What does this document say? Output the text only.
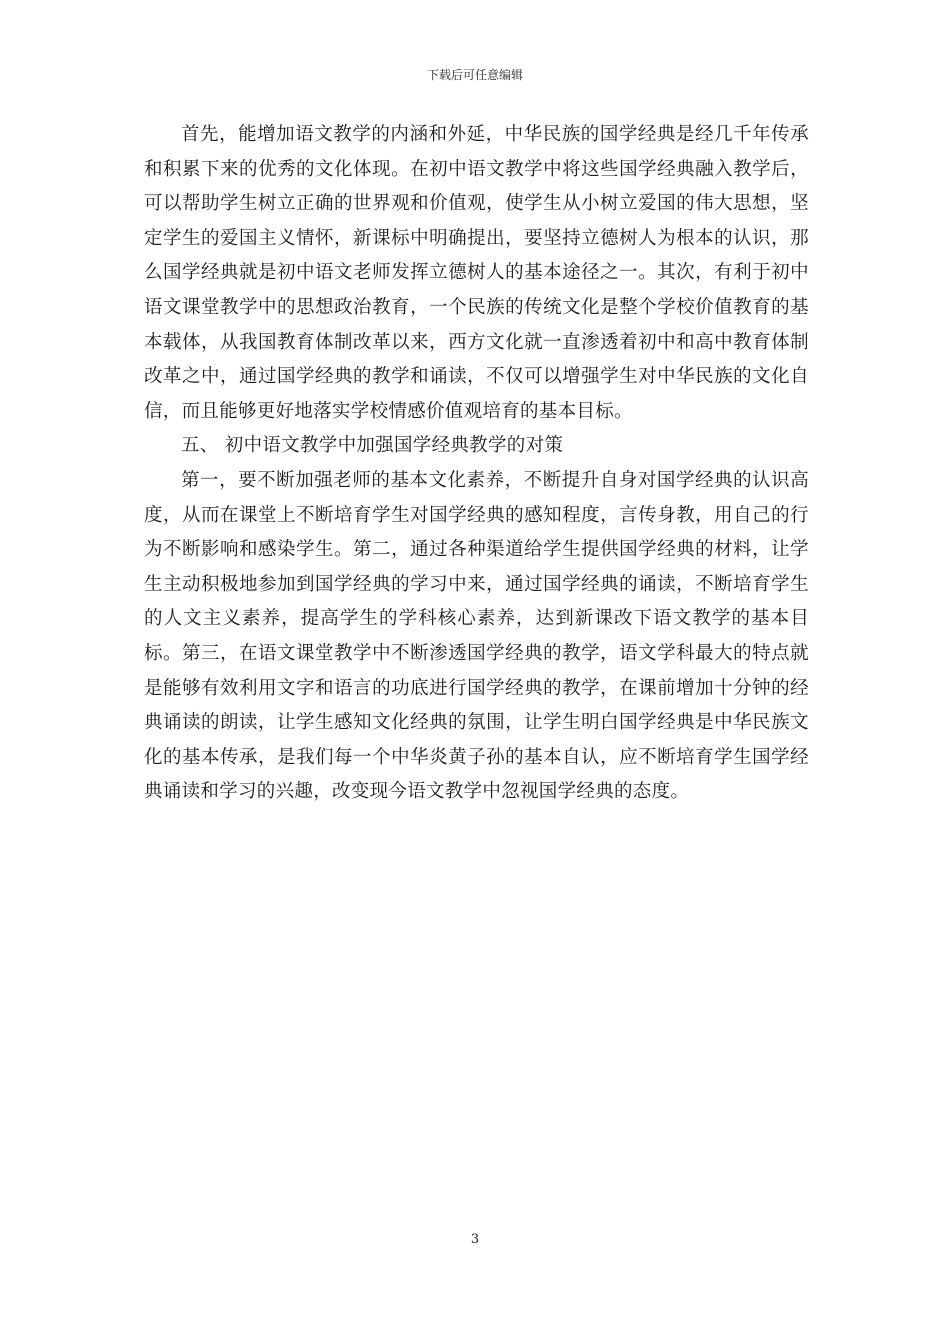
下载后可任意编辑

首先，能增加语文教学的内涵和外延，中华民族的国学经典是经几千年传承和积累下来的优秀的文化体现。在初中语文教学中将这些国学经典融入教学后，可以帮助学生树立正确的世界观和价值观，使学生从小树立爱国的伟大思想，坚定学生的爱国主义情怀，新课标中明确提出，要坚持立德树人为根本的认识，那么国学经典就是初中语文老师发挥立德树人的基本途径之一。其次，有利于初中语文课堂教学中的思想政治教育，一个民族的传统文化是整个学校价值教育的基本载体，从我国教育体制改革以来，西方文化就一直渗透着初中和高中教育体制改革之中，通过国学经典的教学和诵读，不仅可以增强学生对中华民族的文化自信，而且能够更好地落实学校情感价值观培育的基本目标。

五、 初中语文教学中加强国学经典教学的对策

第一，要不断加强老师的基本文化素养，不断提升自身对国学经典的认识高度，从而在课堂上不断培育学生对国学经典的感知程度，言传身教，用自己的行为不断影响和感染学生。第二，通过各种渠道给学生提供国学经典的材料，让学生主动积极地参加到国学经典的学习中来，通过国学经典的诵读，不断培育学生的人文主义素养，提高学生的学科核心素养，达到新课改下语文教学的基本目标。第三，在语文课堂教学中不断渗透国学经典的教学，语文学科最大的特点就是能够有效利用文字和语言的功底进行国学经典的教学，在课前增加十分钟的经典诵读的朗读，让学生感知文化经典的氛围，让学生明白国学经典是中华民族文化的基本传承，是我们每一个中华炎黄子孙的基本自认，应不断培育学生国学经典诵读和学习的兴趣，改变现今语文教学中忽视国学经典的态度。

3
